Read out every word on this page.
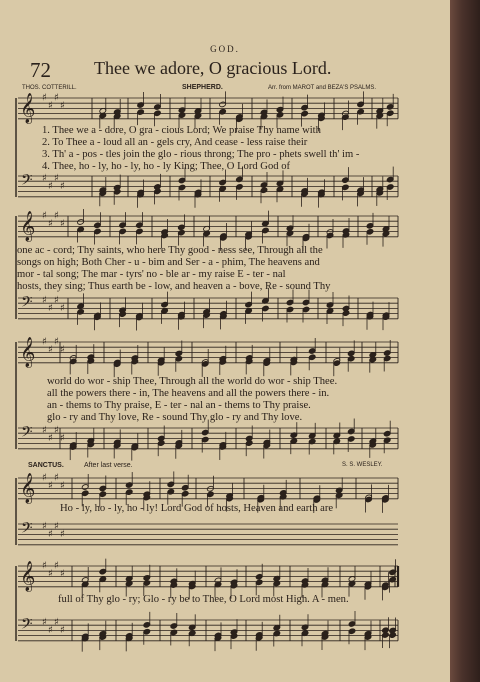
𝄞 ♯
♯
♯
♯
𝄢 ♯
♯
♯
♯
𝄞 ♯
♯
♯
♯
𝄢 ♯
♯
♯
♯
𝄞 ♯
♯
♯
♯
𝄢 ♯
♯
♯
♯
𝄞 ♯
♯
♯
♯
𝄢 ♯
♯
♯
♯
𝄞 ♯
♯
♯
♯
𝄢 ♯
♯
♯
♯
GOD.
72 Thee we adore, O gracious Lord.
THOS. COTTERILL.	SHEPHERD.	Arr. from MAROT and BEZA'S PSALMS.
1. Thee we a - dore, O gra - cious Lord; We praise Thy name with
2. To Thee a - loud all an - gels cry, And cease - less raise their
3. Th' a - pos - tles join the glo - rious throng; The pro - phets swell th' im -
4. Thee, ho - ly, ho - ly, ho - ly King; Thee, O Lord God of
one ac - cord; Thy saints, who here Thy good - ness see, Through all the
songs on high; Both Cher - u - bim and Ser - a - phim, The heavens and
mor - tal song; The mar - tyrs' no - ble ar - my raise E - ter - nal
hosts, they sing; Thus earth be - low, and heaven a - bove, Re - sound Thy
world do wor - ship Thee, Through all the world do wor - ship Thee.
all the powers there - in, The heavens and all the powers there - in.
an - thems to Thy praise, E - ter - nal an - thems to Thy praise.
glo - ry and Thy love, Re - sound Thy glo - ry and Thy love.
SANCTUS.	After last verse.	S. S. WESLEY.
Ho - ly, ho - ly, ho - ly! Lord God of hosts, Heaven and earth are
full of Thy glo - ry; Glo - ry be to Thee, O Lord most High. A - men.
